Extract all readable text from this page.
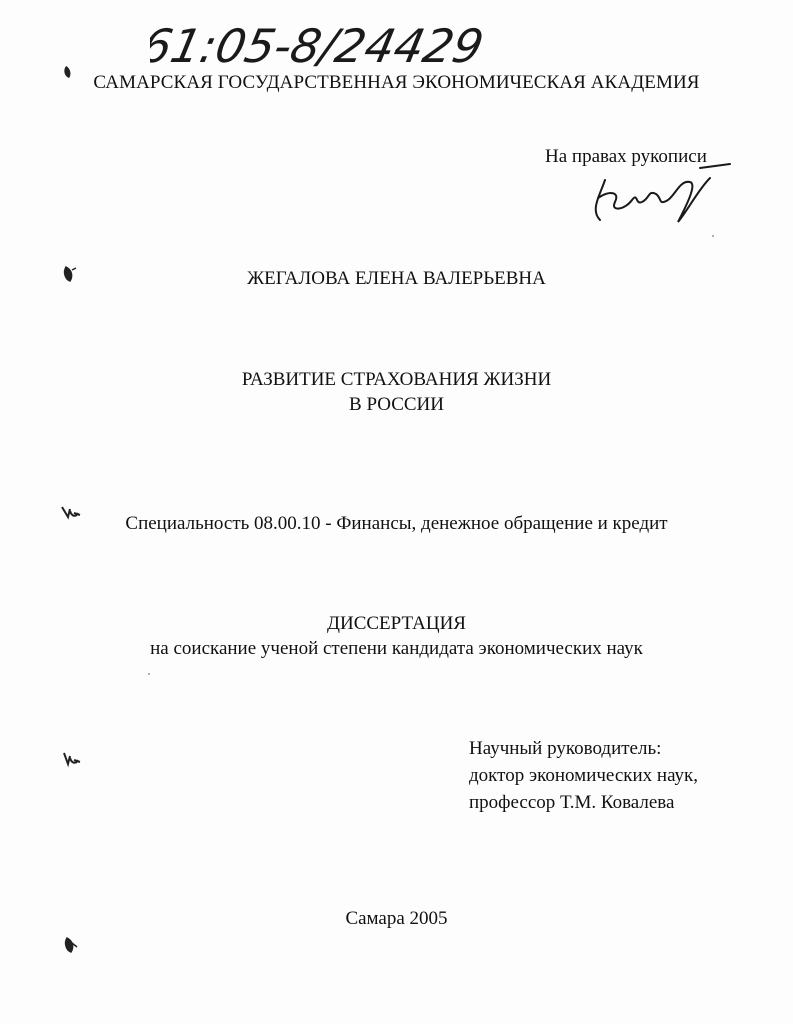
61:05-8/24429
САМАРСКАЯ ГОСУДАРСТВЕННАЯ ЭКОНОМИЧЕСКАЯ АКАДЕМИЯ
На правах рукописи
ЖЕГАЛОВА ЕЛЕНА ВАЛЕРЬЕВНА
РАЗВИТИЕ СТРАХОВАНИЯ ЖИЗНИ
В РОССИИ
Специальность 08.00.10 - Финансы, денежное обращение и кредит
ДИССЕРТАЦИЯ
на соискание ученой степени кандидата экономических наук
Научный руководитель:
доктор экономических наук,
профессор Т.М. Ковалева
Самара 2005
